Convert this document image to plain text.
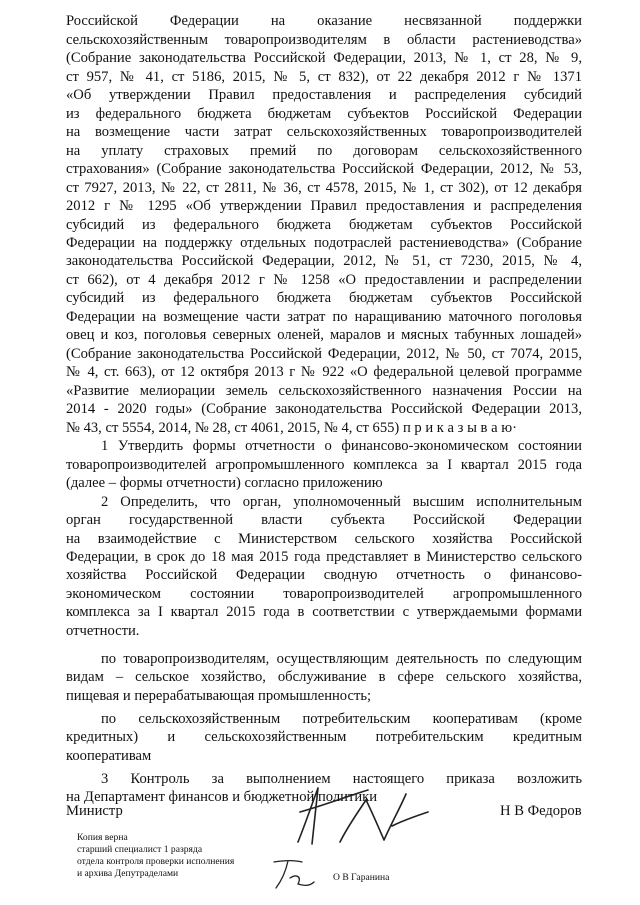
Российской Федерации на оказание несвязанной поддержки
сельскохозяйственным товаропроизводителям в области растениеводства»
(Собрание законодательства Российской Федерации, 2013, № 1, ст 28, № 9,
ст 957, № 41, ст 5186, 2015, № 5, ст 832), от 22 декабря 2012 г № 1371
«Об утверждении Правил предоставления и распределения субсидий
из федерального бюджета бюджетам субъектов Российской Федерации
на возмещение части затрат сельскохозяйственных товаропроизводителей
на уплату страховых премий по договорам сельскохозяйственного
страхования» (Собрание законодательства Российской Федерации, 2012, № 53,
ст 7927, 2013, № 22, ст 2811, № 36, ст 4578, 2015, № 1, ст 302), от 12 декабря
2012 г № 1295 «Об утверждении Правил предоставления и распределения
субсидий из федерального бюджета бюджетам субъектов Российской
Федерации на поддержку отдельных подотраслей растениеводства» (Собрание
законодательства Российской Федерации, 2012, № 51, ст 7230, 2015, № 4,
ст 662), от 4 декабря 2012 г № 1258 «О предоставлении и распределении
субсидий из федерального бюджета бюджетам субъектов Российской
Федерации на возмещение части затрат по наращиванию маточного поголовья
овец и коз, поголовья северных оленей, маралов и мясных табунных лошадей»
(Собрание законодательства Российской Федерации, 2012, № 50, ст 7074, 2015,
№ 4, ст. 663), от 12 октября 2013 г № 922 «О федеральной целевой программе
«Развитие мелиорации земель сельскохозяйственного назначения России на
2014 - 2020 годы» (Собрание законодательства Российской Федерации 2013,
№ 43, ст 5554, 2014, № 28, ст 4061, 2015, № 4, ст 655) п р и к а з ы в а ю·
1 Утвердить формы отчетности о финансово-экономическом состоянии
товаропроизводителей агропромышленного комплекса за I квартал 2015 года
(далее – формы отчетности) согласно приложению
2 Определить, что орган, уполномоченный высшим исполнительным
орган государственной власти субъекта Российской Федерации
на взаимодействие с Министерством сельского хозяйства Российской
Федерации, в срок до 18 мая 2015 года представляет в Министерство сельского
хозяйства Российской Федерации сводную отчетность о финансово-
экономическом состоянии товаропроизводителей агропромышленного
комплекса за I квартал 2015 года в соответствии с утверждаемыми формами
отчетности.
по товаропроизводителям, осуществляющим деятельность по следующим
видам – сельское хозяйство, обслуживание в сфере сельского хозяйства,
пищевая и перерабатывающая промышленность;
по сельскохозяйственным потребительским кооперативам (кроме
кредитных) и сельскохозяйственным потребительским кредитным
кооперативам
3 Контроль за выполнением настоящего приказа возложить
на Департамент финансов и бюджетной политики
Министр	Н В Федоров
Копия верна
старший специалист 1 разряда
отдела контроля проверки исполнения
и архива Депутраделами	О В Гаранина
